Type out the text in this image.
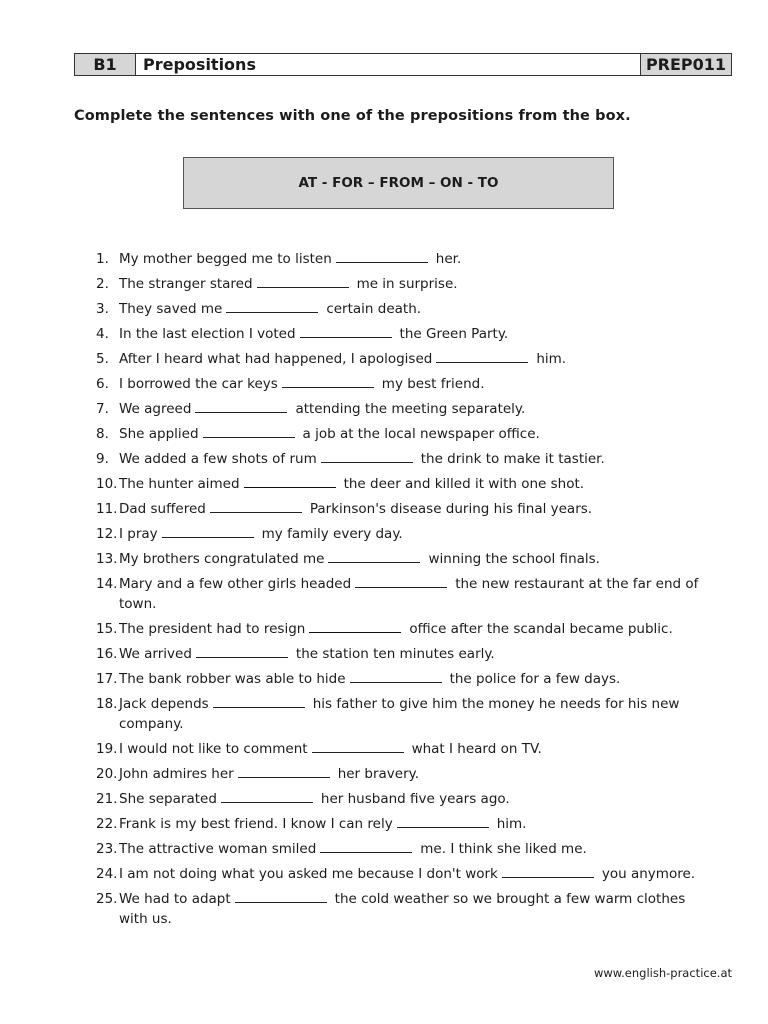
B1	Prepositions	PREP011
Complete the sentences with one of the prepositions from the box.
AT - FOR – FROM – ON - TO
1. My mother begged me to listen	her.
2. The stranger stared	me in surprise.
3. They saved me	certain death.
4. In the last election I voted	the Green Party.
5. After I heard what had happened, I apologised	him.
6. I borrowed the car keys	my best friend.
7. We agreed	attending the meeting separately.
8. She applied	a job at the local newspaper office.
9. We added a few shots of rum	the drink to make it tastier.
10. The hunter aimed	the deer and killed it with one shot.
11. Dad suffered	Parkinson's disease during his final years.
12. I pray	my family every day.
13. My brothers congratulated me	winning the school finals.
14. Mary and a few other girls headed	the new restaurant at the far end of
town.
15. The president had to resign	office after the scandal became public.
16. We arrived	the station ten minutes early.
17. The bank robber was able to hide	the police for a few days.
18. Jack depends	his father to give him the money he needs for his new
company.
19. I would not like to comment	what I heard on TV.
20. John admires her	her bravery.
21. She separated	her husband five years ago.
22. Frank is my best friend. I know I can rely	him.
23. The attractive woman smiled	me. I think she liked me.
24. I am not doing what you asked me because I don't work	you anymore.
25. We had to adapt	the cold weather so we brought a few warm clothes
with us.
www.english-practice.at
